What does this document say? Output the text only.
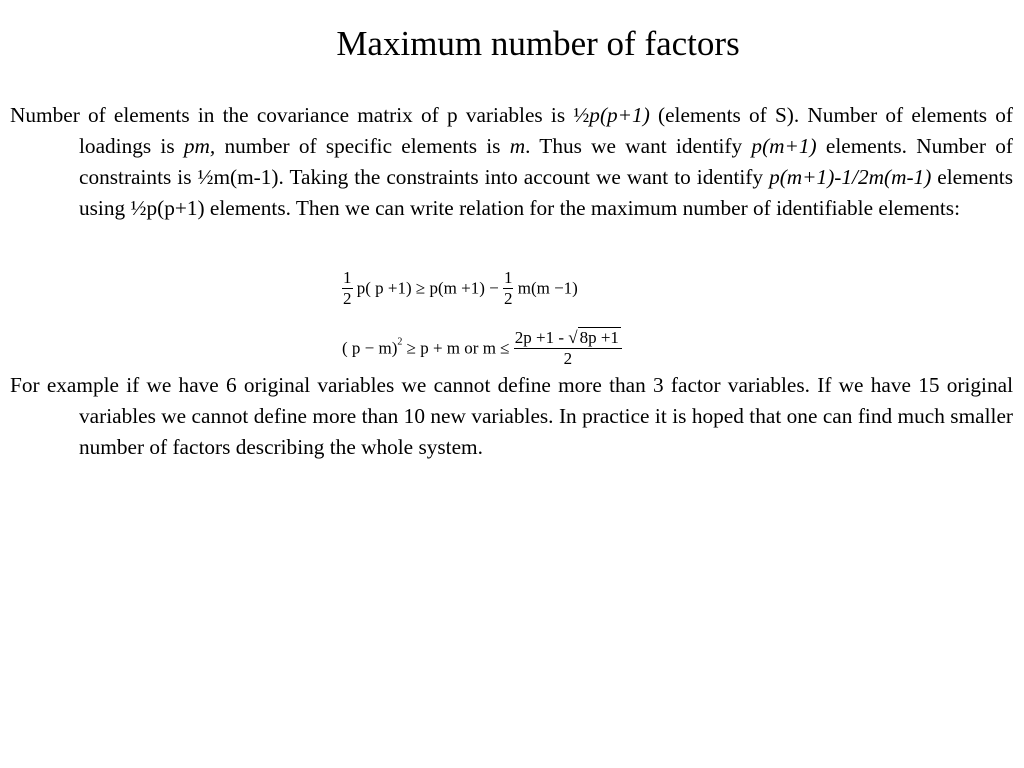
Maximum number of factors
Number of elements in the covariance matrix of p variables is ½p(p+1) (elements of S). Number of elements of loadings is pm, number of specific elements is m. Thus we want identify p(m+1) elements. Number of constraints is ½m(m-1). Taking the constraints into account we want to identify p(m+1)-1/2m(m-1) elements using ½p(p+1) elements. Then we can write relation for the maximum number of identifiable elements:
$\frac{1}{2} p$( $p +1) \ge p(m +1) - \frac{1}{2} m(m -1)$
( p − m)$^2$ ≥ p + m or $m \le \frac{2p +1 - √ 8p +1}{2}$
For example if we have 6 original variables we cannot define more than 3 factor variables. If we have 15 original variables we cannot define more than 10 new variables. In practice it is hoped that one can find much smaller number of factors describing the whole system.
